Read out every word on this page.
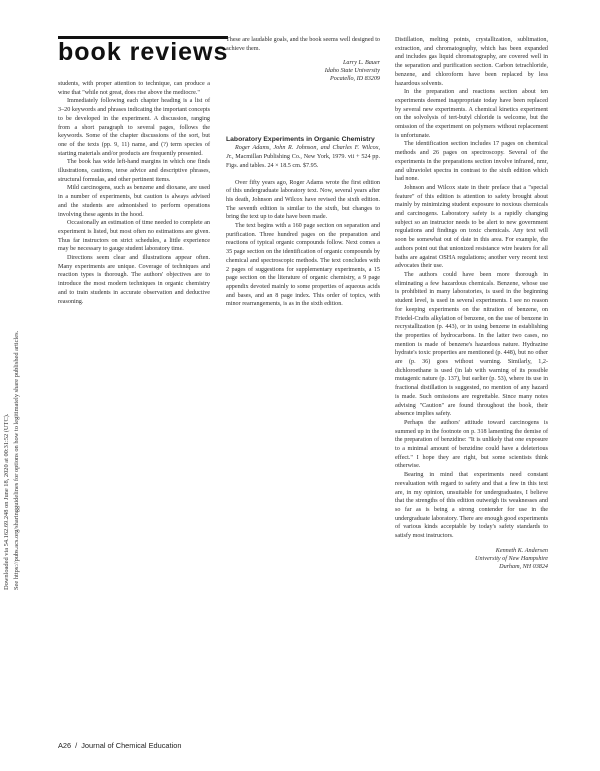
Downloaded via 54.162.69.248 on June 18, 2020 at 00:31:52 (UTC). See https://pubs.acs.org/sharingguidelines for options on how to legitimately share published articles.
book reviews

students, with proper attention to technique, can produce a wine that "while not great, does rise above the mediocre."

Immediately following each chapter heading is a list of 3–20 keywords and phrases indicating the important concepts to be developed in the experiment. A discussion, ranging from a short paragraph to several pages, follows the keywords. Some of the chapter discussions of the sort, but one of the texts (pp. 9, 11) name, and (?) term species of starting materials and/or products are frequently presented.

The book has wide left-hand margins in which one finds illustrations, cautions, terse advice and descriptive phrases, structural formulas, and other pertinent items.

Mild carcinogens, such as benzene and dioxane, are used in a number of experiments, but caution is always advised and the students are admonished to perform operations involving these agents in the hood.

Occasionally an estimation of time needed to complete an experiment is listed, but most often no estimations are given. Thus far instructors on strict schedules, a little experience may be necessary to gauge student laboratory time.

Directions seem clear and illustrations appear often. Many experiments are unique. Coverage of techniques and reaction types is thorough. The authors' objectives are to introduce the most modern techniques in organic chemistry and to train students in accurate observation and deductive reasoning.

These are laudable goals, and the book seems well designed to achieve them.

Larry L. Bauer
Idaho State University
Pocatello, ID 83209
Laboratory Experiments in Organic Chemistry

Roger Adams, John R. Johnson, and Charles F. Wilcox, Jr., Macmillan Publishing Co., New York, 1979. vii + 524 pp. Figs. and tables. 24 × 18.5 cm. $7.95.

Over fifty years ago, Roger Adams wrote the first edition of this undergraduate laboratory text. Now, several years after his death, Johnson and Wilcox have revised the sixth edition. The seventh edition is similar to the sixth, but changes to bring the text up to date have been made.

The text begins with a 160 page section on separation and purification. Three hundred pages on the preparation and reactions of typical organic compounds follow. Next comes a 35 page section on the identification of organic compounds by chemical and spectroscopic methods. The text concludes with 2 pages of suggestions for supplementary experiments, a 15 page section on the literature of organic chemistry, a 9 page appendix devoted mainly to some properties of aqueous acids and bases, and an 8 page index. This order of topics, with minor rearrangements, is as in the sixth edition.

Distillation, melting points, crystallization, sublimation, extraction, and chromatography, which has been expanded and includes gas liquid chromatography, are covered well in the separation and purification section. Carbon tetrachloride, benzene, and chloroform have been replaced by less hazardous solvents.

In the preparation and reactions section about ten experiments deemed inappropriate today have been replaced by several new experiments. A chemical kinetics experiment on the solvolysis of tert-butyl chloride is welcome, but the omission of the experiment on polymers without replacement is unfortunate.

The identification section includes 17 pages on chemical methods and 26 pages on spectroscopy. Several of the experiments in the preparations section involve infrared, nmr, and ultraviolet spectra in contrast to the sixth edition which had none.

Johnson and Wilcox state in their preface that a "special feature" of this edition is attention to safety brought about mainly by minimizing student exposure to noxious chemicals and carcinogens. Laboratory safety is a rapidly changing subject so an instructor needs to be alert to new government regulations and findings on toxic chemicals. Any text will soon be somewhat out of date in this area. For example, the authors point out that unionized resistance wire heaters for all baths are against OSHA regulations; another very recent text advocates their use.

The authors could have been more thorough in eliminating a few hazardous chemicals. Benzene, whose use is prohibited in many laboratories, is used in the beginning student level, is used in several experiments. I see no reason for keeping experiments on the nitration of benzene, on Friedel-Crafts alkylation of benzene, on the use of benzene in recrystallization (p. 443), or in using benzene in establishing the properties of hydrocarbons. In the latter two cases, no mention is made of benzene's hazardous nature. Hydrazine hydrate's toxic properties are mentioned (p. 448), but no other are (p. 36) goes without warning. Similarly, 1,2-dichloroethane is used (in lab with warning of its possible mutagenic nature (p. 137), but earlier (p. 53), where its use in fractional distillation is suggested, no mention of any hazard is made. Such omissions are regrettable. Since many notes advising "Caution" are found throughout the book, their absence implies safety.

Perhaps the authors' attitude toward carcinogens is summed up in the footnote on p. 318 lamenting the demise of the preparation of benzidine: "It is unlikely that one exposure to a minimal amount of benzidine could have a deleterious effect." I hope they are right, but some scientists think otherwise.

Bearing in mind that experiments need constant reevaluation with regard to safety and that a few in this text are, in my opinion, unsuitable for undergraduates, I believe that the strengths of this edition outweigh its weaknesses and so far as is being a strong contender for use in the undergraduate laboratory. There are enough good experiments of various kinds acceptable by today's safety standards to satisfy most instructors.

Kenneth K. Andersen
University of New Hampshire
Durham, NH 03824
A26 / Journal of Chemical Education
